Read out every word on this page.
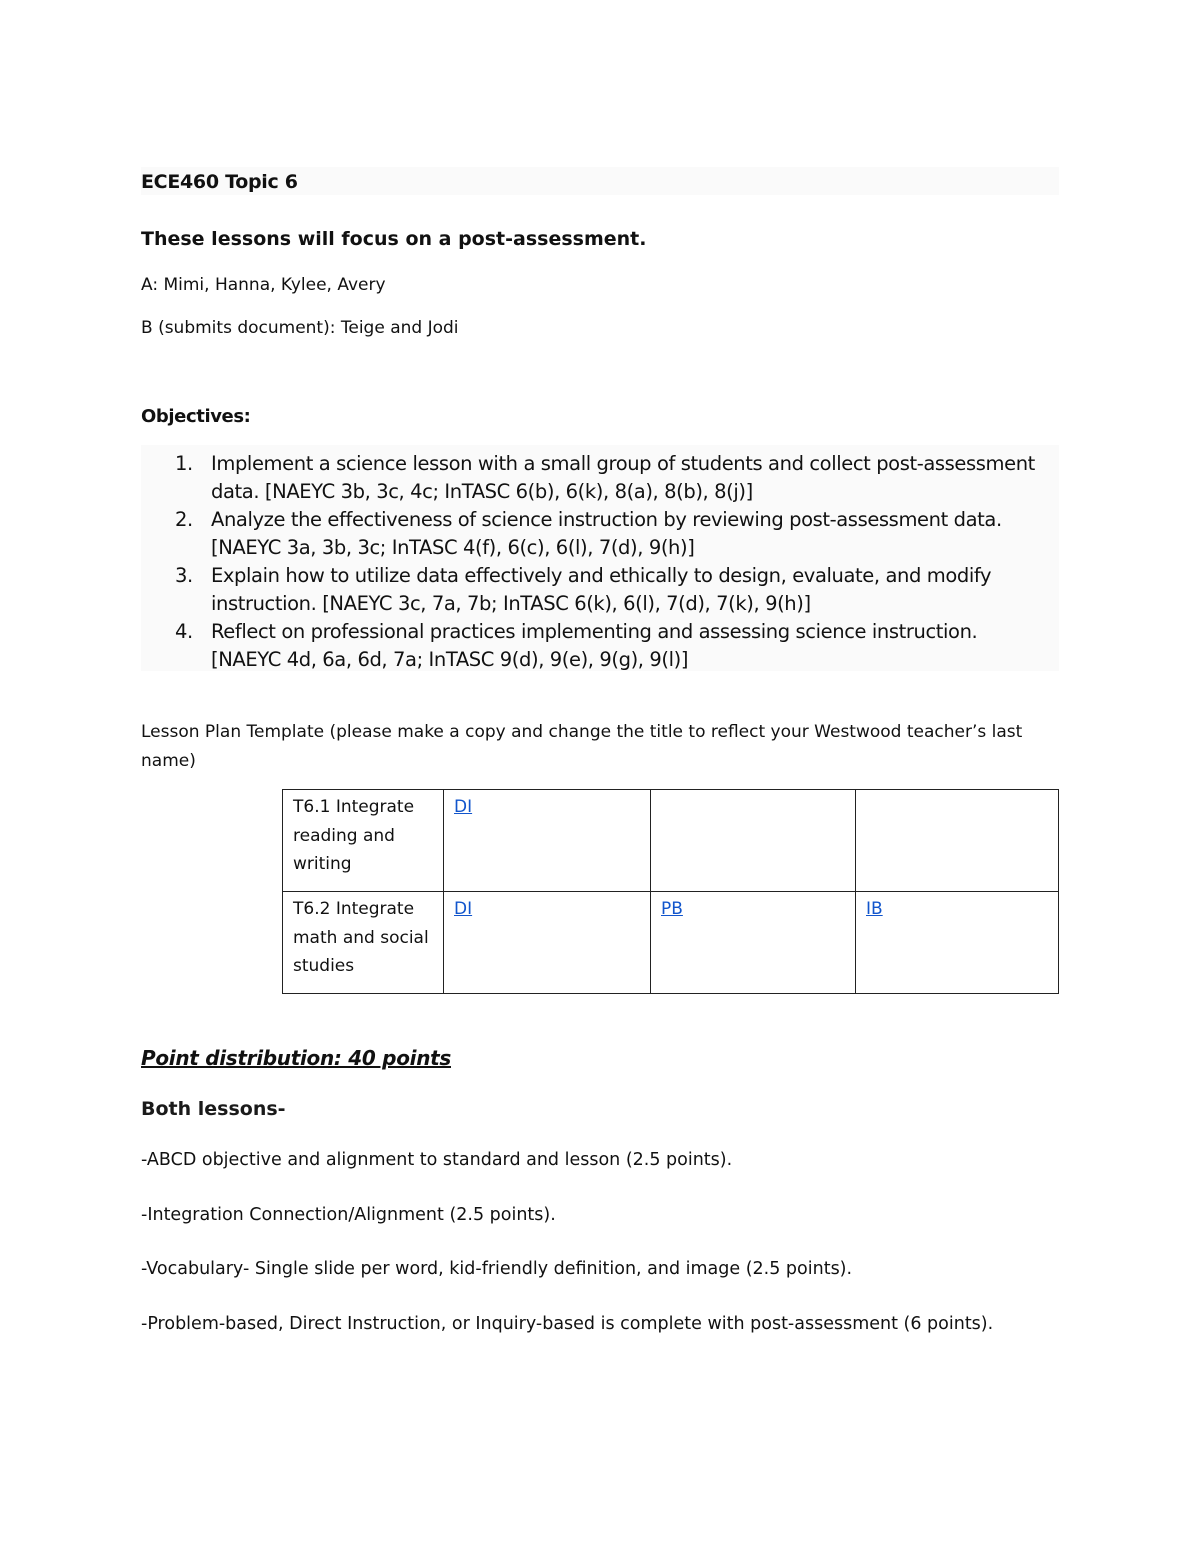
ECE460 Topic 6
These lessons will focus on a post-assessment.
A: Mimi, Hanna, Kylee, Avery
B (submits document): Teige and Jodi
Objectives:
1. Implement a science lesson with a small group of students and collect post-assessment
data. [NAEYC 3b, 3c, 4c; InTASC 6(b), 6(k), 8(a), 8(b), 8(j)]
2. Analyze the effectiveness of science instruction by reviewing post-assessment data.
[NAEYC 3a, 3b, 3c; InTASC 4(f), 6(c), 6(l), 7(d), 9(h)]
3. Explain how to utilize data effectively and ethically to design, evaluate, and modify
instruction. [NAEYC 3c, 7a, 7b; InTASC 6(k), 6(l), 7(d), 7(k), 9(h)]
4. Reflect on professional practices implementing and assessing science instruction.
[NAEYC 4d, 6a, 6d, 7a; InTASC 9(d), 9(e), 9(g), 9(l)]
Lesson Plan Template (please make a copy and change the title to reflect your Westwood teacher’s last
name)
T6.1 Integrate
reading and
writing	DI		

T6.2 Integrate
math and social
studies	DI	PB	IB
Point distribution: 40 points
Both lessons-
-ABCD objective and alignment to standard and lesson (2.5 points).
-Integration Connection/Alignment (2.5 points).
-Vocabulary- Single slide per word, kid-friendly definition, and image (2.5 points).
-Problem-based, Direct Instruction, or Inquiry-based is complete with post-assessment (6 points).
